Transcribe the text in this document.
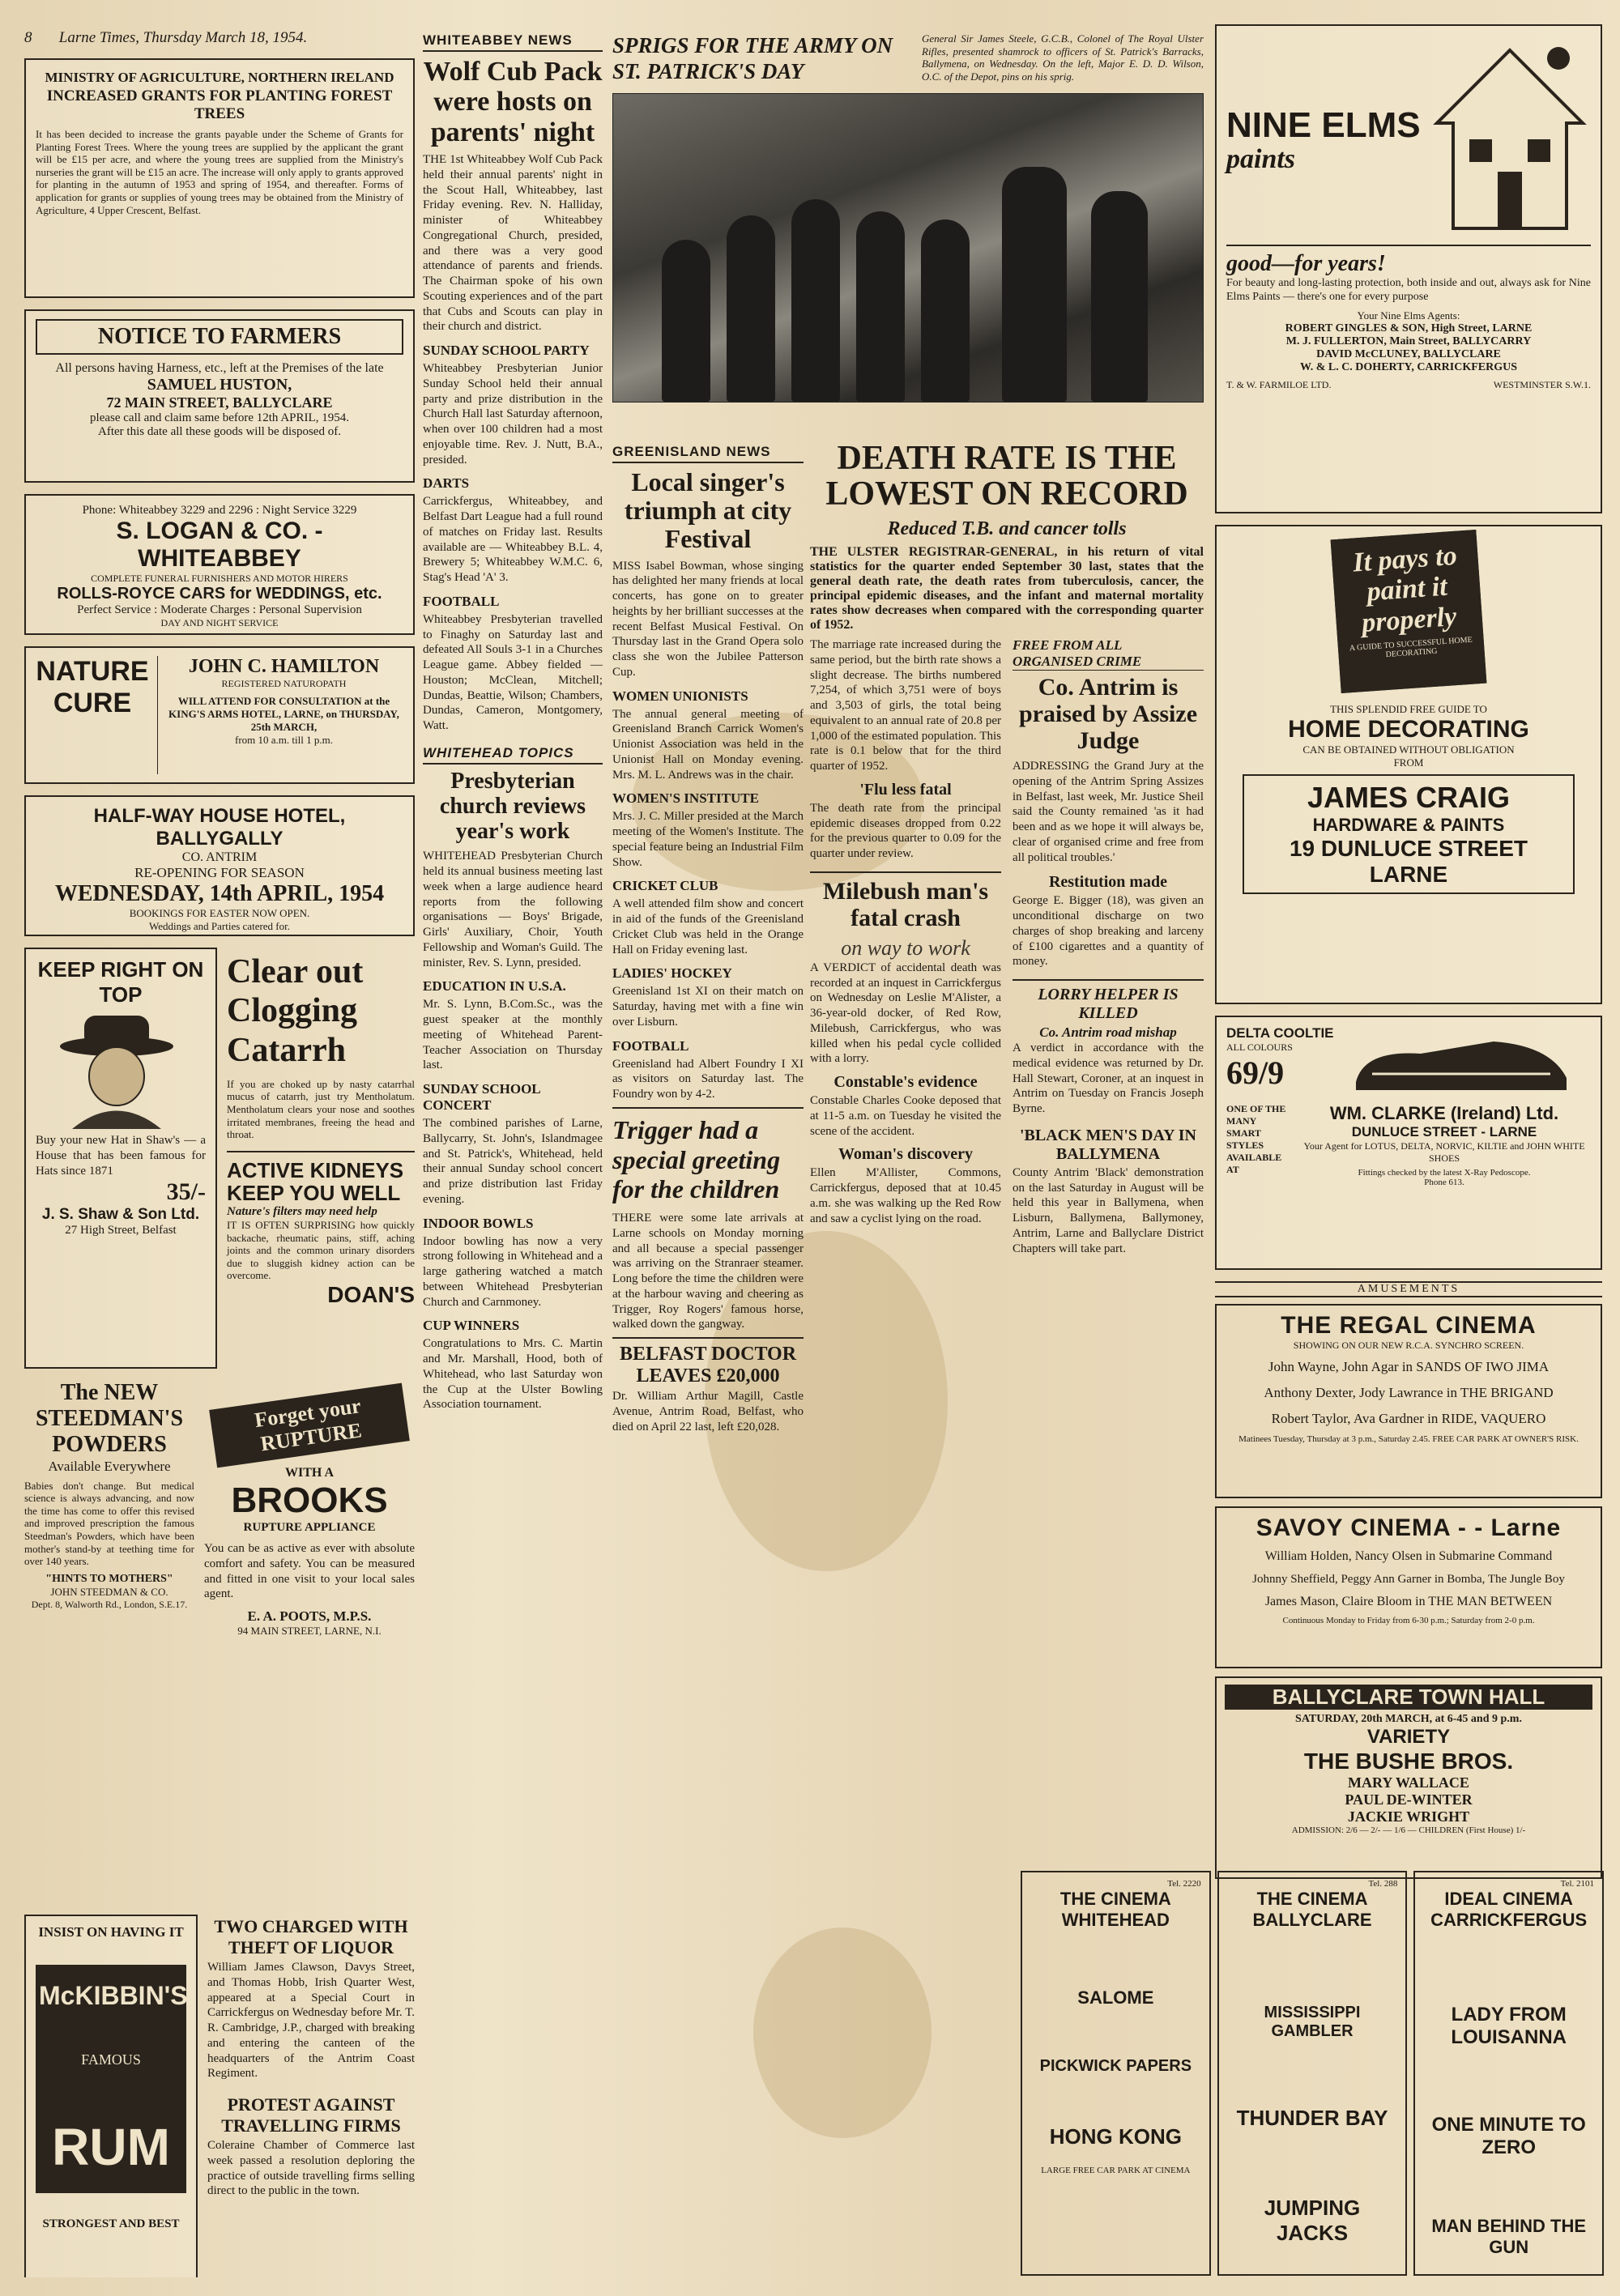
8 Larne Times, Thursday March 18, 1954.
MINISTRY OF AGRICULTURE, NORTHERN IRELAND
INCREASED GRANTS FOR PLANTING FOREST TREES
It has been decided to increase the grants payable under the Scheme of Grants for Planting Forest Trees. Where the young trees are supplied by the applicant the grant will be £15 per acre, and where the young trees are supplied from the Ministry's nurseries the grant will be £15 an acre. The increase will only apply to grants approved for planting in the autumn of 1953 and spring of 1954, and thereafter. Forms of application for grants or supplies of young trees may be obtained from the Ministry of Agriculture, 4 Upper Crescent, Belfast.
NOTICE TO FARMERS
All persons having Harness, etc., left at the Premises of the late
SAMUEL HUSTON,
72 MAIN STREET, BALLYCLARE
please call and claim same before 12th APRIL, 1954.
After this date all these goods will be disposed of.
Phone: Whiteabbey 3229 and 2296 : Night Service 3229
S. LOGAN & CO. - WHITEABBEY
COMPLETE FUNERAL FURNISHERS AND MOTOR HIRERS
ROLLS-ROYCE CARS for WEDDINGS, etc.
Perfect Service : Moderate Charges : Personal Supervision
DAY AND NIGHT SERVICE
NATURE CURE
JOHN C. HAMILTON
REGISTERED NATUROPATH
WILL ATTEND FOR CONSULTATION at the KING'S ARMS HOTEL, LARNE, on THURSDAY, 25th MARCH,
from 10 a.m. till 1 p.m.
HALF-WAY HOUSE HOTEL, BALLYGALLY
CO. ANTRIM
RE-OPENING FOR SEASON
WEDNESDAY, 14th APRIL, 1954
BOOKINGS FOR EASTER NOW OPEN.
Weddings and Parties catered for.
KEEP RIGHT ON TOP
Buy your new Hat in Shaw's — a House that has been famous for Hats since 1871
35/-
J. S. Shaw & Son Ltd.
27 High Street, Belfast
Clear out Clogging Catarrh
If you are choked up by nasty catarrhal mucus of catarrh, just try Mentholatum. Mentholatum clears your nose and soothes irritated membranes, freeing the head and throat.
ACTIVE KIDNEYS KEEP YOU WELL
Nature's filters may need help
IT IS OFTEN SURPRISING how quickly backache, rheumatic pains, stiff, aching joints and the common urinary disorders due to sluggish kidney action can be overcome.
DOAN'S
The NEW STEEDMAN'S POWDERS
Available Everywhere
Babies don't change. But medical science is always advancing, and now the time has come to offer this revised and improved prescription the famous Steedman's Powders, which have been mother's stand-by at teething time for over 140 years.
"HINTS TO MOTHERS"
JOHN STEEDMAN & CO.
Dept. 8, Walworth Rd., London, S.E.17.
Forget your RUPTURE
WITH A
BROOKS
RUPTURE APPLIANCE
You can be as active as ever with absolute comfort and safety. You can be measured and fitted in one visit to your local sales agent.
E. A. POOTS, M.P.S.
94 MAIN STREET, LARNE, N.I.
INSIST ON HAVING IT
McKIBBIN'S
FAMOUS
RUM
STRONGEST AND BEST
TWO CHARGED WITH THEFT OF LIQUOR
William James Clawson, Davys Street, and Thomas Hobb, Irish Quarter West, appeared at a Special Court in Carrickfergus on Wednesday before Mr. T. R. Cambridge, J.P., charged with breaking and entering the canteen of the headquarters of the Antrim Coast Regiment.
PROTEST AGAINST TRAVELLING FIRMS
Coleraine Chamber of Commerce last week passed a resolution deploring the practice of outside travelling firms selling direct to the public in the town.
WHITEABBEY NEWS
Wolf Cub Pack were hosts on parents' night
THE 1st Whiteabbey Wolf Cub Pack held their annual parents' night in the Scout Hall, Whiteabbey, last Friday evening. Rev. N. Halliday, minister of Whiteabbey Congregational Church, presided, and there was a very good attendance of parents and friends. The Chairman spoke of his own Scouting experiences and of the part that Cubs and Scouts can play in their church and district.
SUNDAY SCHOOL PARTY
Whiteabbey Presbyterian Junior Sunday School held their annual party and prize distribution in the Church Hall last Saturday afternoon, when over 100 children had a most enjoyable time. Rev. J. Nutt, B.A., presided.
DARTS
Carrickfergus, Whiteabbey, and Belfast Dart League had a full round of matches on Friday last. Results available are — Whiteabbey B.L. 4, Brewery 5; Whiteabbey W.M.C. 6, Stag's Head 'A' 3.
FOOTBALL
Whiteabbey Presbyterian travelled to Finaghy on Saturday last and defeated All Souls 3-1 in a Churches League game. Abbey fielded — Houston; McClean, Mitchell; Dundas, Beattie, Wilson; Chambers, Dundas, Cameron, Montgomery, Watt.
WHITEHEAD TOPICS
Presbyterian church reviews year's work
WHITEHEAD Presbyterian Church held its annual business meeting last week when a large audience heard reports from the following organisations — Boys' Brigade, Girls' Auxiliary, Choir, Youth Fellowship and Woman's Guild. The minister, Rev. S. Lynn, presided.
EDUCATION IN U.S.A.
Mr. S. Lynn, B.Com.Sc., was the guest speaker at the monthly meeting of Whitehead Parent-Teacher Association on Thursday last.
SUNDAY SCHOOL CONCERT
The combined parishes of Larne, Ballycarry, St. John's, Islandmagee and St. Patrick's, Whitehead, held their annual Sunday school concert and prize distribution last Friday evening.
INDOOR BOWLS
Indoor bowling has now a very strong following in Whitehead and a large gathering watched a match between Whitehead Presbyterian Church and Carnmoney.
CUP WINNERS
Congratulations to Mrs. C. Martin and Mr. Marshall, Hood, both of Whitehead, who last Saturday won the Cup at the Ulster Bowling Association tournament.
SPRIGS FOR THE ARMY ON ST. PATRICK'S DAY
General Sir James Steele, G.C.B., Colonel of The Royal Ulster Rifles, presented shamrock to officers of St. Patrick's Barracks, Ballymena, on Wednesday. On the left, Major E. D. D. Wilson, O.C. of the Depot, pins on his sprig.
GREENISLAND NEWS
Local singer's triumph at city Festival
MISS Isabel Bowman, whose singing has delighted her many friends at local concerts, has gone on to greater heights by her brilliant successes at the recent Belfast Musical Festival. On Thursday last in the Grand Opera solo class she won the Jubilee Patterson Cup.
WOMEN UNIONISTS
The annual general meeting of Greenisland Branch Carrick Women's Unionist Association was held in the Unionist Hall on Monday evening. Mrs. M. L. Andrews was in the chair.
WOMEN'S INSTITUTE
Mrs. J. C. Miller presided at the March meeting of the Women's Institute. The special feature being an Industrial Film Show.
CRICKET CLUB
A well attended film show and concert in aid of the funds of the Greenisland Cricket Club was held in the Orange Hall on Friday evening last.
LADIES' HOCKEY
Greenisland 1st XI on their match on Saturday, having met with a fine win over Lisburn.
FOOTBALL
Greenisland had Albert Foundry I XI as visitors on Saturday last. The Foundry won by 4-2.
Trigger had a special greeting for the children
THERE were some late arrivals at Larne schools on Monday morning and all because a special passenger was arriving on the Stranraer steamer. Long before the time the children were at the harbour waving and cheering as Trigger, Roy Rogers' famous horse, walked down the gangway.
BELFAST DOCTOR LEAVES £20,000
Dr. William Arthur Magill, Castle Avenue, Antrim Road, Belfast, who died on April 22 last, left £20,028.
DEATH RATE IS THE LOWEST ON RECORD
Reduced T.B. and cancer tolls
THE ULSTER REGISTRAR-GENERAL, in his return of vital statistics for the quarter ended September 30 last, states that the general death rate, the death rates from tuberculosis, cancer, the principal epidemic diseases, and the infant and maternal mortality rates show decreases when compared with the corresponding quarter of 1952.
The marriage rate increased during the same period, but the birth rate shows a slight decrease. The births numbered 7,254, of which 3,751 were of boys and 3,503 of girls, the total being equivalent to an annual rate of 20.8 per 1,000 of the estimated population. This rate is 0.1 below that for the third quarter of 1952.
'Flu less fatal
The death rate from the principal epidemic diseases dropped from 0.22 for the previous quarter to 0.09 for the quarter under review.
Milebush man's fatal crash
on way to work
A VERDICT of accidental death was recorded at an inquest in Carrickfergus on Wednesday on Leslie M'Alister, a 36-year-old docker, of Red Row, Milebush, Carrickfergus, who was killed when his pedal cycle collided with a lorry.
Constable's evidence
Constable Charles Cooke deposed that at 11-5 a.m. on Tuesday he visited the scene of the accident.
Woman's discovery
Ellen M'Allister, Commons, Carrickfergus, deposed that at 10.45 a.m. she was walking up the Red Row and saw a cyclist lying on the road.
FREE FROM ALL
ORGANISED CRIME
Co. Antrim is praised by Assize Judge
ADDRESSING the Grand Jury at the opening of the Antrim Spring Assizes in Belfast, last week, Mr. Justice Sheil said the County remained 'as it had been and as we hope it will always be, clear of organised crime and free from all political troubles.'
Restitution made
George E. Bigger (18), was given an unconditional discharge on two charges of shop breaking and larceny of £100 cigarettes and a quantity of money.
LORRY HELPER IS KILLED
Co. Antrim road mishap
A verdict in accordance with the medical evidence was returned by Dr. Hall Stewart, Coroner, at an inquest in Antrim on Tuesday on Francis Joseph Byrne.
'BLACK MEN'S DAY IN BALLYMENA
County Antrim 'Black' demonstration on the last Saturday in August will be held this year in Ballymena, when Lisburn, Ballymena, Ballymoney, Antrim, Larne and Ballyclare District Chapters will take part.
NINE ELMS
paints
good—for years!
For beauty and long-lasting protection, both inside and out, always ask for Nine Elms Paints — there's one for every purpose
Your Nine Elms Agents:
ROBERT GINGLES & SON, High Street, LARNE
M. J. FULLERTON, Main Street, BALLYCARRY
DAVID McCLUNEY, BALLYCLARE
W. & L. C. DOHERTY, CARRICKFERGUS
T. & W. FARMILOE LTD.	WESTMINSTER S.W.1.
It pays to paint it properly
A GUIDE TO SUCCESSFUL HOME DECORATING
THIS SPLENDID FREE GUIDE TO
HOME DECORATING
CAN BE OBTAINED WITHOUT OBLIGATION
FROM
JAMES CRAIG
HARDWARE & PAINTS
19 DUNLUCE STREET
LARNE
DELTA COOLTIE
ALL COLOURS
69/9
ONE OF THE MANY SMART STYLES AVAILABLE AT
WM. CLARKE (Ireland) Ltd.
DUNLUCE STREET - LARNE
Your Agent for LOTUS, DELTA, NORVIC, KILTIE and JOHN WHITE SHOES
Fittings checked by the latest X-Ray Pedoscope.
Phone 613.
AMUSEMENTS
THE REGAL CINEMA
SHOWING ON OUR NEW R.C.A. SYNCHRO SCREEN.
John Wayne, John Agar in SANDS OF IWO JIMA
Anthony Dexter, Jody Lawrance in THE BRIGAND
Robert Taylor, Ava Gardner in RIDE, VAQUERO
Matinees Tuesday, Thursday at 3 p.m., Saturday 2.45. FREE CAR PARK AT OWNER'S RISK.
SAVOY CINEMA - - Larne
William Holden, Nancy Olsen in Submarine Command
Johnny Sheffield, Peggy Ann Garner in Bomba, The Jungle Boy
James Mason, Claire Bloom in THE MAN BETWEEN
Continuous Monday to Friday from 6-30 p.m.; Saturday from 2-0 p.m.
BALLYCLARE TOWN HALL
SATURDAY, 20th MARCH, at 6-45 and 9 p.m.
VARIETY
THE BUSHE BROS.
MARY WALLACE
PAUL DE-WINTER
JACKIE WRIGHT
ADMISSION: 2/6 — 2/- — 1/6 — CHILDREN (First House) 1/-
Tel. 2220
THE CINEMA WHITEHEAD
SALOME
PICKWICK PAPERS
HONG KONG
LARGE FREE CAR PARK AT CINEMA
Tel. 288
THE CINEMA BALLYCLARE
MISSISSIPPI GAMBLER
THUNDER BAY
JUMPING JACKS
Tel. 2101
IDEAL CINEMA CARRICKFERGUS
LADY FROM LOUISANNA
ONE MINUTE TO ZERO
MAN BEHIND THE GUN
